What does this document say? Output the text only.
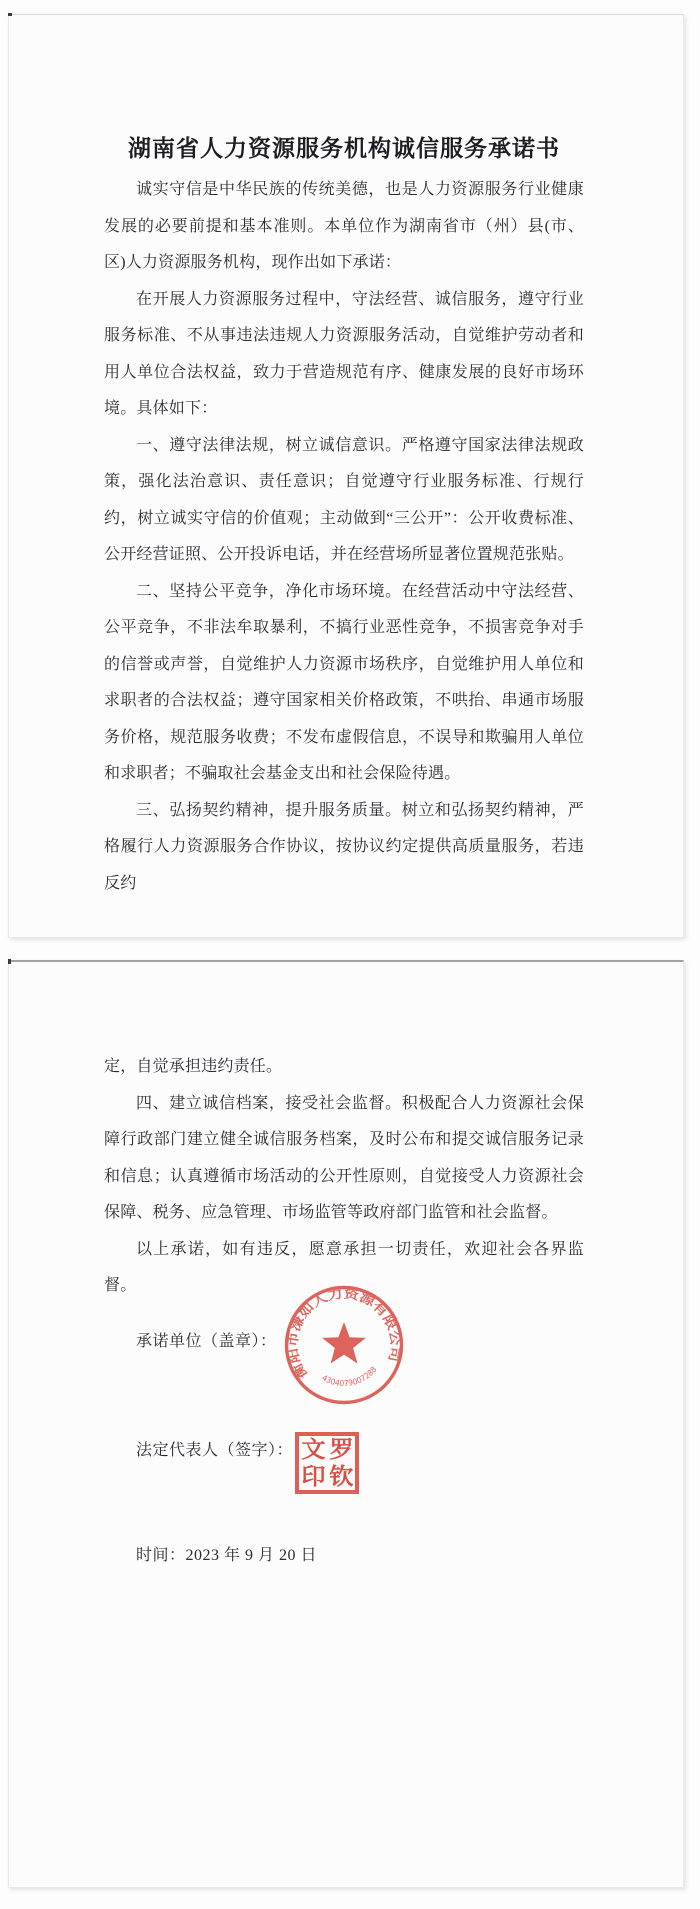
湖南省人力资源服务机构诚信服务承诺书

诚实守信是中华民族的传统美德，也是人力资源服务行业健康发展的必要前提和基本准则。本单位作为湖南省市（州）县(市、区)人力资源服务机构，现作出如下承诺：

在开展人力资源服务过程中，守法经营、诚信服务，遵守行业服务标准、不从事违法违规人力资源服务活动，自觉维护劳动者和用人单位合法权益，致力于营造规范有序、健康发展的良好市场环境。具体如下：

一、遵守法律法规，树立诚信意识。严格遵守国家法律法规政策，强化法治意识、责任意识；自觉遵守行业服务标准、行规行约，树立诚实守信的价值观；主动做到“三公开”：公开收费标准、公开经营证照、公开投诉电话，并在经营场所显著位置规范张贴。

二、坚持公平竞争，净化市场环境。在经营活动中守法经营、公平竞争，不非法牟取暴利，不搞行业恶性竞争，不损害竞争对手的信誉或声誉，自觉维护人力资源市场秩序，自觉维护用人单位和求职者的合法权益；遵守国家相关价格政策，不哄抬、串通市场服务价格，规范服务收费；不发布虚假信息，不误导和欺骗用人单位和求职者；不骗取社会基金支出和社会保险待遇。

三、弘扬契约精神，提升服务质量。树立和弘扬契约精神，严格履行人力资源服务合作协议，按协议约定提供高质量服务，若违反约

定，自觉承担违约责任。

四、建立诚信档案，接受社会监督。积极配合人力资源社会保障行政部门建立健全诚信服务档案，及时公布和提交诚信服务记录和信息；认真遵循市场活动的公开性原则，自觉接受人力资源社会保障、税务、应急管理、市场监管等政府部门监管和社会监督。

以上承诺，如有违反，愿意承担一切责任，欢迎社会各界监督。

承诺单位（盖章）：
衡阳市溓如人力资源有限公司
4304079007288
法定代表人（签字）： 文 罗
印 钦
时间：2023 年 9 月 20 日
